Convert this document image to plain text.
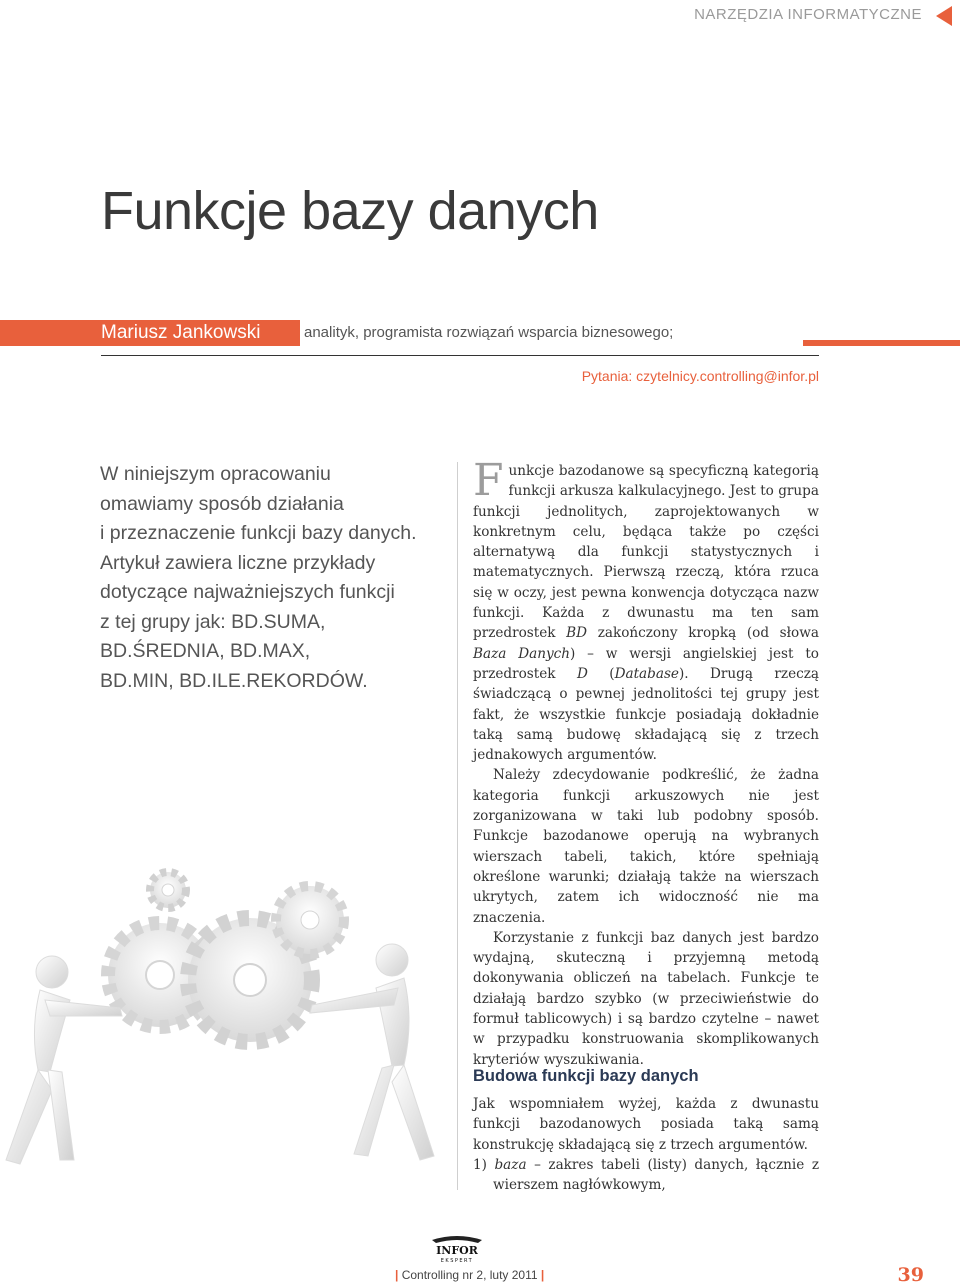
NARZĘDZIA INFORMATYCZNE
Funkcje bazy danych
Mariusz Jankowski	analityk, programista rozwiązań wsparcia biznesowego;
Pytania: czytelnicy.controlling@infor.pl
W niniejszym opracowaniu
omawiamy sposób działania
i przeznaczenie funkcji bazy danych.
Artykuł zawiera liczne przykłady
dotyczące najważniejszych funkcji
z tej grupy jak: BD.SUMA,
BD.ŚREDNIA, BD.MAX,
BD.MIN, BD.ILE.REKORDÓW.

Funkcje bazodanowe są specyficzną kategorią funkcji arkusza kalkulacyjnego. Jest to grupa funkcji jednolitych, zaprojektowanych w konkretnym celu, będąca także po części alternatywą dla funkcji statystycznych i matematycznych. Pierwszą rzeczą, która rzuca się w oczy, jest pewna konwencja dotycząca nazw funkcji. Każda z dwunastu ma ten sam przedrostek BD zakończony kropką (od słowa Baza Danych) – w wersji angielskiej jest to przedrostek D (Database). Drugą rzeczą świadczącą o pewnej jednolitości tej grupy jest fakt, że wszystkie funkcje posiadają dokładnie taką samą budowę składającą się z trzech jednakowych argumentów.

Należy zdecydowanie podkreślić, że żadna kategoria funkcji arkuszowych nie jest zorganizowana w taki lub podobny sposób. Funkcje bazodanowe operują na wybranych wierszach tabeli, takich, które spełniają określone warunki; działają także na wierszach ukrytych, zatem ich widoczność nie ma znaczenia.

Korzystanie z funkcji baz danych jest bardzo wydajną, skuteczną i przyjemną metodą dokonywania obliczeń na tabelach. Funkcje te działają bardzo szybko (w przeciwieństwie do formuł tablicowych) i są bardzo czytelne – nawet w przypadku konstruowania skomplikowanych kryteriów wyszukiwania.

Budowa funkcji bazy danych

Jak wspomniałem wyżej, każda z dwunastu funkcji bazodanowych posiada taką samą konstrukcję składającą się z trzech argumentów.

1) baza – zakres tabeli (listy) danych, łącznie z wierszem nagłówkowym,

INFOR
EKSPERT
| Controlling nr 2, luty 2011 |	39
